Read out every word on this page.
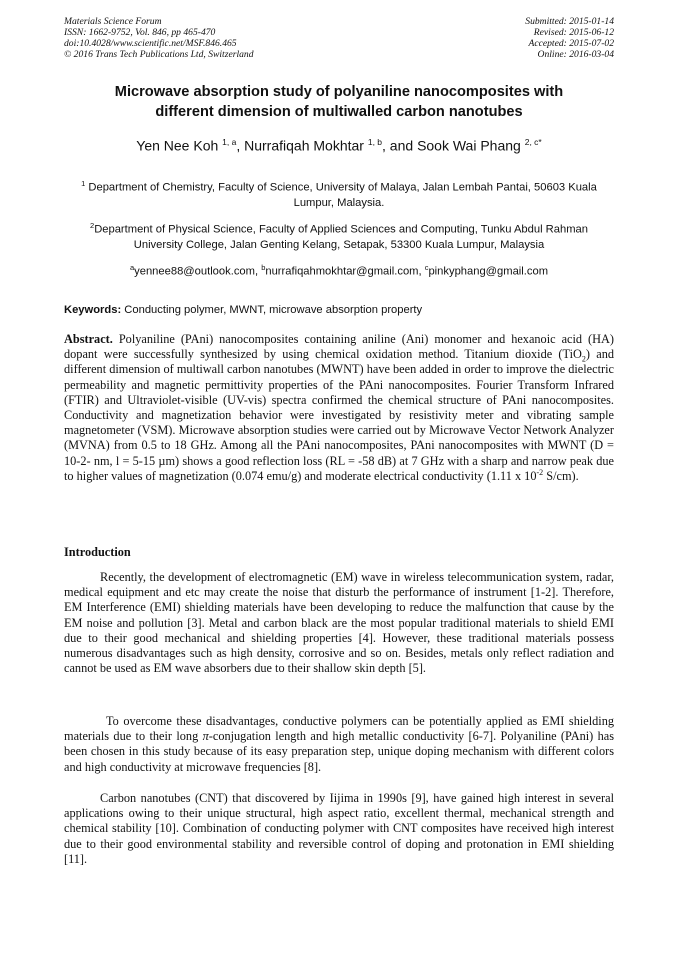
Materials Science Forum
ISSN: 1662-9752, Vol. 846, pp 465-470
doi:10.4028/www.scientific.net/MSF.846.465
© 2016 Trans Tech Publications Ltd, Switzerland
Submitted: 2015-01-14
Revised: 2015-06-12
Accepted: 2015-07-02
Online: 2016-03-04
Microwave absorption study of polyaniline nanocomposites with
different dimension of multiwalled carbon nanotubes
Yen Nee Koh $^{1, a}$, Nurrafiqah Mokhtar $^{1, b}$, and Sook Wai Phang $^{2, c*}$
$^1$ Department of Chemistry, Faculty of Science, University of Malaya, Jalan Lembah Pantai, 50603 Kuala Lumpur, Malaysia.
$^2$Department of Physical Science, Faculty of Applied Sciences and Computing, Tunku Abdul Rahman University College, Jalan Genting Kelang, Setapak, 53300 Kuala Lumpur, Malaysia
$^a$yennee88@outlook.com, $^b$nurrafiqahmokhtar@gmail.com, $^c$pinkyphang@gmail.com
Keywords: Conducting polymer, MWNT, microwave absorption property
Abstract. Polyaniline (PAni) nanocomposites containing aniline (Ani) monomer and hexanoic acid (HA) dopant were successfully synthesized by using chemical oxidation method. Titanium dioxide (TiO$_2$) and different dimension of multiwall carbon nanotubes (MWNT) have been added in order to improve the dielectric permeability and magnetic permittivity properties of the PAni nanocomposites. Fourier Transform Infrared (FTIR) and Ultraviolet-visible (UV-vis) spectra confirmed the chemical structure of PAni nanocomposites. Conductivity and magnetization behavior were investigated by resistivity meter and vibrating sample magnetometer (VSM). Microwave absorption studies were carried out by Microwave Vector Network Analyzer (MVNA) from 0.5 to 18 GHz. Among all the PAni nanocomposites, PAni nanocomposites with MWNT (D = 10-2- nm, l = 5-15 µm) shows a good reflection loss (RL = -58 dB) at 7 GHz with a sharp and narrow peak due to higher values of magnetization (0.074 emu/g) and moderate electrical conductivity (1.11 x $10^{-2}$ S/cm).
Introduction
Recently, the development of electromagnetic (EM) wave in wireless telecommunication system, radar, medical equipment and etc may create the noise that disturb the performance of instrument [1-2]. Therefore, EM Interference (EMI) shielding materials have been developing to reduce the malfunction that cause by the EM noise and pollution [3]. Metal and carbon black are the most popular traditional materials to shield EMI due to their good mechanical and shielding properties [4]. However, these traditional materials possess numerous disadvantages such as high density, corrosive and so on. Besides, metals only reflect radiation and cannot be used as EM wave absorbers due to their shallow skin depth [5].
To overcome these disadvantages, conductive polymers can be potentially applied as EMI shielding materials due to their long π-conjugation length and high metallic conductivity [6-7]. Polyaniline (PAni) has been chosen in this study because of its easy preparation step, unique doping mechanism with different colors and high conductivity at microwave frequencies [8].
Carbon nanotubes (CNT) that discovered by Iijima in 1990s [9], have gained high interest in several applications owing to their unique structural, high aspect ratio, excellent thermal, mechanical strength and chemical stability [10]. Combination of conducting polymer with CNT composites have received high interest due to their good environmental stability and reversible control of doping and protonation in EMI shielding [11].
